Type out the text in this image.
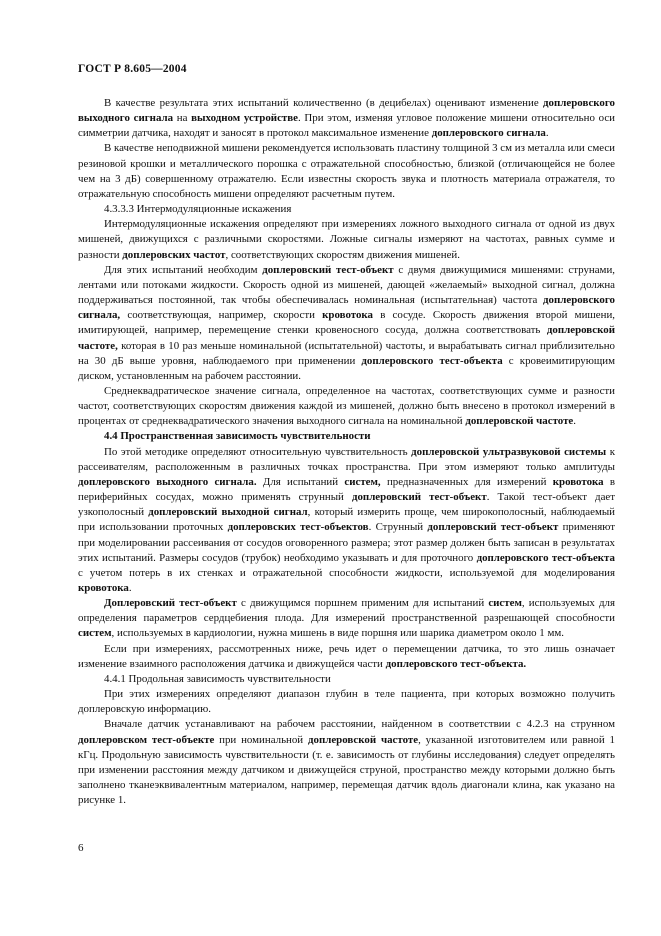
ГОСТ Р 8.605—2004

В качестве результата этих испытаний количественно (в децибелах) оценивают изменение доплеровского выходного сигнала на выходном устройстве. При этом, изменяя угловое положение мишени относительно оси симметрии датчика, находят и заносят в протокол максимальное изменение доплеровского сигнала.

В качестве неподвижной мишени рекомендуется использовать пластину толщиной 3 см из металла или смеси резиновой крошки и металлического порошка с отражательной способностью, близкой (отличающейся не более чем на 3 дБ) совершенному отражателю. Если известны скорость звука и плотность материала отражателя, то отражательную способность мишени определяют расчетным путем.

4.3.3.3 Интермодуляционные искажения

Интермодуляционные искажения определяют при измерениях ложного выходного сигнала от одной из двух мишеней, движущихся с различными скоростями. Ложные сигналы измеряют на частотах, равных сумме и разности доплеровских частот, соответствующих скоростям движения мишеней.

Для этих испытаний необходим доплеровский тест-объект с двумя движущимися мишенями: струнами, лентами или потоками жидкости. Скорость одной из мишеней, дающей «желаемый» выходной сигнал, должна поддерживаться постоянной, так чтобы обеспечивалась номинальная (испытательная) частота доплеровского сигнала, соответствующая, например, скорости кровотока в сосуде. Скорость движения второй мишени, имитирующей, например, перемещение стенки кровеносного сосуда, должна соответствовать доплеровской частоте, которая в 10 раз меньше номинальной (испытательной) частоты, и вырабатывать сигнал приблизительно на 30 дБ выше уровня, наблюдаемого при применении доплеровского тест-объекта с кровеимитирующим диском, установленным на рабочем расстоянии.

Среднеквадратическое значение сигнала, определенное на частотах, соответствующих сумме и разности частот, соответствующих скоростям движения каждой из мишеней, должно быть внесено в протокол измерений в процентах от среднеквадратического значения выходного сигнала на номинальной доплеровской частоте.

4.4 Пространственная зависимость чувствительности

По этой методике определяют относительную чувствительность доплеровской ультразвуковой системы к рассеивателям, расположенным в различных точках пространства. При этом измеряют только амплитуды доплеровского выходного сигнала. Для испытаний систем, предназначенных для измерений кровотока в периферийных сосудах, можно применять струнный доплеровский тест-объект. Такой тест-объект дает узкополосный доплеровский выходной сигнал, который измерить проще, чем широкополосный, наблюдаемый при использовании проточных доплеровских тест-объектов. Струнный доплеровский тест-объект применяют при моделировании рассеивания от сосудов оговоренного размера; этот размер должен быть записан в результатах этих испытаний. Размеры сосудов (трубок) необходимо указывать и для проточного доплеровского тест-объекта с учетом потерь в их стенках и отражательной способности жидкости, используемой для моделирования кровотока.

Доплеровский тест-объект с движущимся поршнем применим для испытаний систем, используемых для определения параметров сердцебиения плода. Для измерений пространственной разрешающей способности систем, используемых в кардиологии, нужна мишень в виде поршня или шарика диаметром около 1 мм.

Если при измерениях, рассмотренных ниже, речь идет о перемещении датчика, то это лишь означает изменение взаимного расположения датчика и движущейся части доплеровского тест-объекта.

4.4.1 Продольная зависимость чувствительности

При этих измерениях определяют диапазон глубин в теле пациента, при которых возможно получить доплеровскую информацию.

Вначале датчик устанавливают на рабочем расстоянии, найденном в соответствии с 4.2.3 на струнном доплеровском тест-объекте при номинальной доплеровской частоте, указанной изготовителем или равной 1 кГц. Продольную зависимость чувствительности (т. е. зависимость от глубины исследования) следует определять при изменении расстояния между датчиком и движущейся струной, пространство между которыми должно быть заполнено тканеэквивалентным материалом, например, перемещая датчик вдоль диагонали клина, как указано на рисунке 1.

6
